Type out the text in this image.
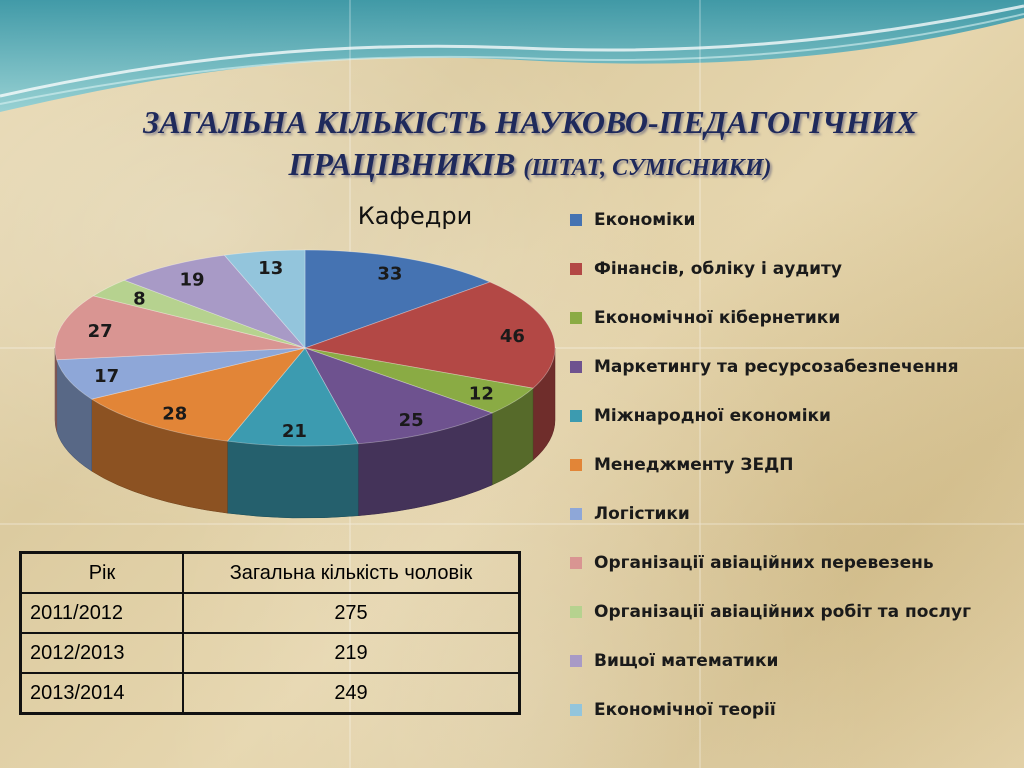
ЗАГАЛЬНА КІЛЬКІСТЬ НАУКОВО-ПЕДАГОГІЧНИХ
ПРАЦІВНИКІВ (ШТАТ, СУМІСНИКИ)
Кафедри
33
46
12
25
21
28
17
27
8
19
13
Економіки
Фінансів, обліку і аудиту
Економічної кібернетики
Маркетингу та ресурсозабезпечення
Міжнародної економіки
Менеджменту ЗЕДП
Логістики
Організації авіаційних перевезень
Організації авіаційних робіт та послуг
Вищої математики
Економічної теорії
Рік	Загальна кількість чоловік
2011/2012	275
2012/2013	219
2013/2014	249
